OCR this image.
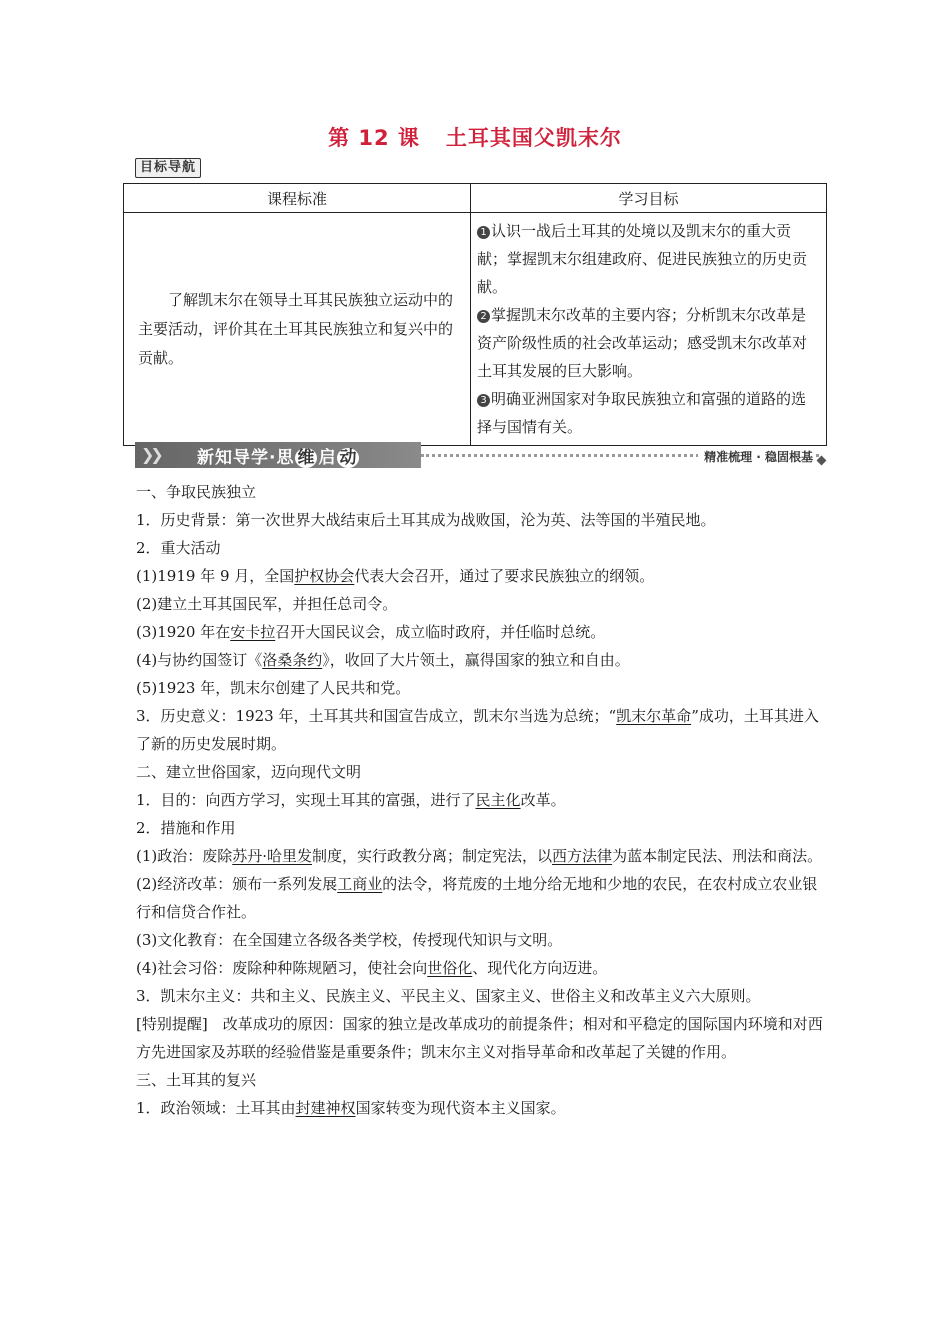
第 12 课 土耳其国父凯末尔
目标导航
课程标准	学习目标

了解凯末尔在领导土耳其民族独立运动中的主要活动，评价其在土耳其民族独立和复兴中的贡献。	1 认识一战后土耳其的处境以及凯末尔的重大贡献；掌握凯末尔组建政府、促进民族独立的历史贡献。

2 掌握凯末尔改革的主要内容；分析凯末尔改革是资产阶级性质的社会改革运动；感受凯末尔改革对土耳其发展的巨大影响。

3 明确亚洲国家对争取民族独立和富强的道路的选择与国情有关。

❯❯ 新知导学·思 维 启 动	精准梳理 · 稳固根基

一、争取民族独立

1．历史背景：第一次世界大战结束后土耳其成为战败国，沦为英、法等国的半殖民地。

2．重大活动

(1)1919 年 9 月，全国护权协会代表大会召开，通过了要求民族独立的纲领。

(2)建立土耳其国民军，并担任总司令。

(3)1920 年在安卡拉召开大国民议会，成立临时政府，并任临时总统。

(4)与协约国签订《洛桑条约》，收回了大片领土，赢得国家的独立和自由。

(5)1923 年，凯末尔创建了人民共和党。

3．历史意义：1923 年，土耳其共和国宣告成立，凯末尔当选为总统；“凯末尔革命”成功，土耳其进入了新的历史发展时期。

二、建立世俗国家，迈向现代文明

1．目的：向西方学习，实现土耳其的富强，进行了民主化改革。

2．措施和作用

(1)政治：废除苏丹·哈里发制度，实行政教分离；制定宪法，以西方法律为蓝本制定民法、刑法和商法。

(2)经济改革：颁布一系列发展工商业的法令，将荒废的土地分给无地和少地的农民，在农村成立农业银行和信贷合作社。

(3)文化教育：在全国建立各级各类学校，传授现代知识与文明。

(4)社会习俗：废除种种陈规陋习，使社会向世俗化、现代化方向迈进。

3．凯末尔主义：共和主义、民族主义、平民主义、国家主义、世俗主义和改革主义六大原则。

[特别提醒]　改革成功的原因：国家的独立是改革成功的前提条件；相对和平稳定的国际国内环境和对西方先进国家及苏联的经验借鉴是重要条件；凯末尔主义对指导革命和改革起了关键的作用。

三、土耳其的复兴

1．政治领域：土耳其由封建神权国家转变为现代资本主义国家。
